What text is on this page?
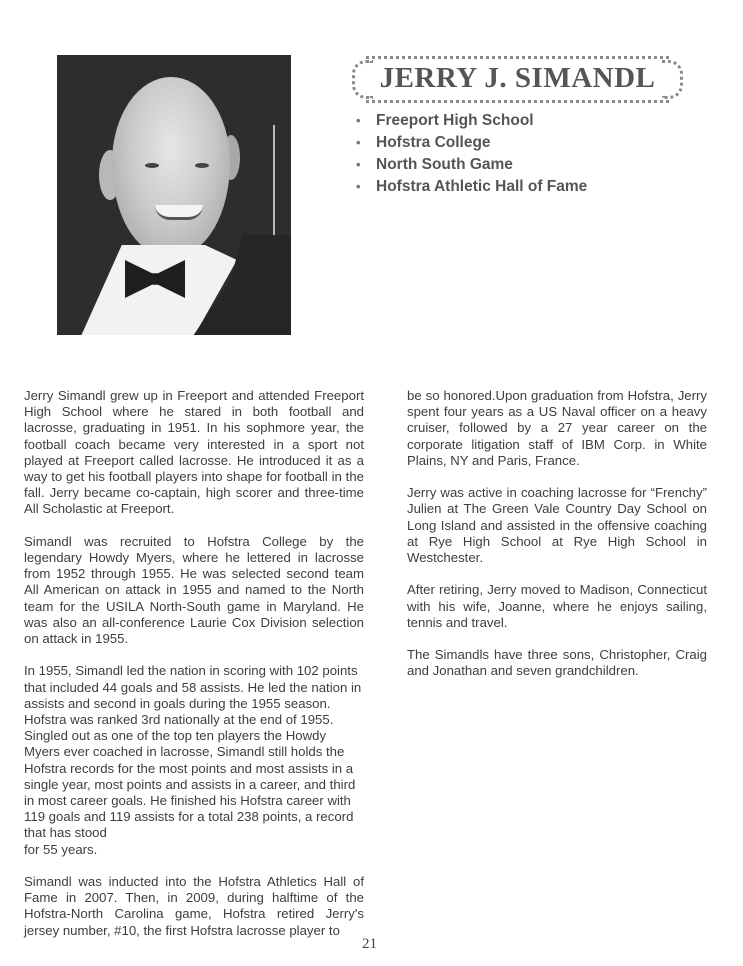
JERRY J. SIMANDL
• Freeport High School
• Hofstra College
• North South Game
• Hofstra Athletic Hall of Fame

Jerry Simandl grew up in Freeport and attended Freeport High School where he stared in both football and lacrosse, graduating in 1951. In his sophmore year, the football coach became very interested in a sport not played at Freeport called lacrosse. He introduced it as a way to get his football players into shape for football in the fall. Jerry became co-captain, high scorer and three-time All Scholastic at Freeport.

Simandl was recruited to Hofstra College by the legendary Howdy Myers, where he lettered in lacrosse from 1952 through 1955. He was selected second team All American on attack in 1955 and named to the North team for the USILA North-South game in Maryland. He was also an all-conference Laurie Cox Division selection on attack in 1955.

In 1955, Simandl led the nation in scoring with 102 points that included 44 goals and 58 assists. He led the nation in assists and second in goals during the 1955 season. Hofstra was ranked 3rd nationally at the end of 1955. Singled out as one of the top ten players the Howdy Myers ever coached in lacrosse, Simandl still holds the Hofstra records for the most points and most assists in a single year, most points and assists in a career, and third in most career goals. He finished his Hofstra career with 119 goals and 119 assists for a total 238 points, a record that has stood

for 55 years.

Simandl was inducted into the Hofstra Athletics Hall of Fame in 2007. Then, in 2009, during halftime of the Hofstra-North Carolina game, Hofstra retired Jerry's jersey number, #10, the first Hofstra lacrosse player to

be so honored.Upon graduation from Hofstra, Jerry spent four years as a US Naval officer on a heavy cruiser, followed by a 27 year career on the corporate litigation staff of IBM Corp. in White Plains, NY and Paris, France.

Jerry was active in coaching lacrosse for “Frenchy” Julien at The Green Vale Country Day School on Long Island and assisted in the offensive coaching at Rye High School at Rye High School in Westchester.

After retiring, Jerry moved to Madison, Connecticut with his wife, Joanne, where he enjoys sailing, tennis and travel.

The Simandls have three sons, Christopher, Craig and Jonathan and seven grandchildren.

21
